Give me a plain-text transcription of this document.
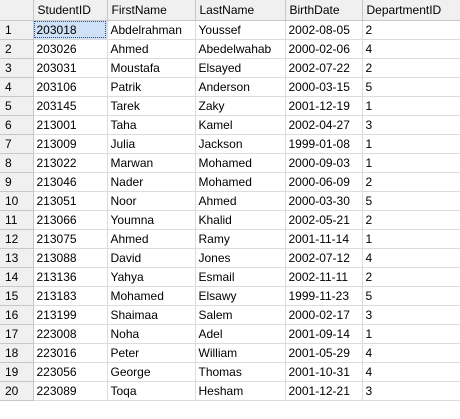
	StudentID	FirstName	LastName	BirthDate	DepartmentID
1	203018	Abdelrahman	Youssef	2002-08-05	2
2	203026	Ahmed	Abedelwahab	2000-02-06	4
3	203031	Moustafa	Elsayed	2002-07-22	2
4	203106	Patrik	Anderson	2000-03-15	5
5	203145	Tarek	Zaky	2001-12-19	1
6	213001	Taha	Kamel	2002-04-27	3
7	213009	Julia	Jackson	1999-01-08	1
8	213022	Marwan	Mohamed	2000-09-03	1
9	213046	Nader	Mohamed	2000-06-09	2
10	213051	Noor	Ahmed	2000-03-30	5
11	213066	Youmna	Khalid	2002-05-21	2
12	213075	Ahmed	Ramy	2001-11-14	1
13	213088	David	Jones	2002-07-12	4
14	213136	Yahya	Esmail	2002-11-11	2
15	213183	Mohamed	Elsawy	1999-11-23	5
16	213199	Shaimaa	Salem	2000-02-17	3
17	223008	Noha	Adel	2001-09-14	1
18	223016	Peter	William	2001-05-29	4
19	223056	George	Thomas	2001-10-31	4
20	223089	Toqa	Hesham	2001-12-21	3
